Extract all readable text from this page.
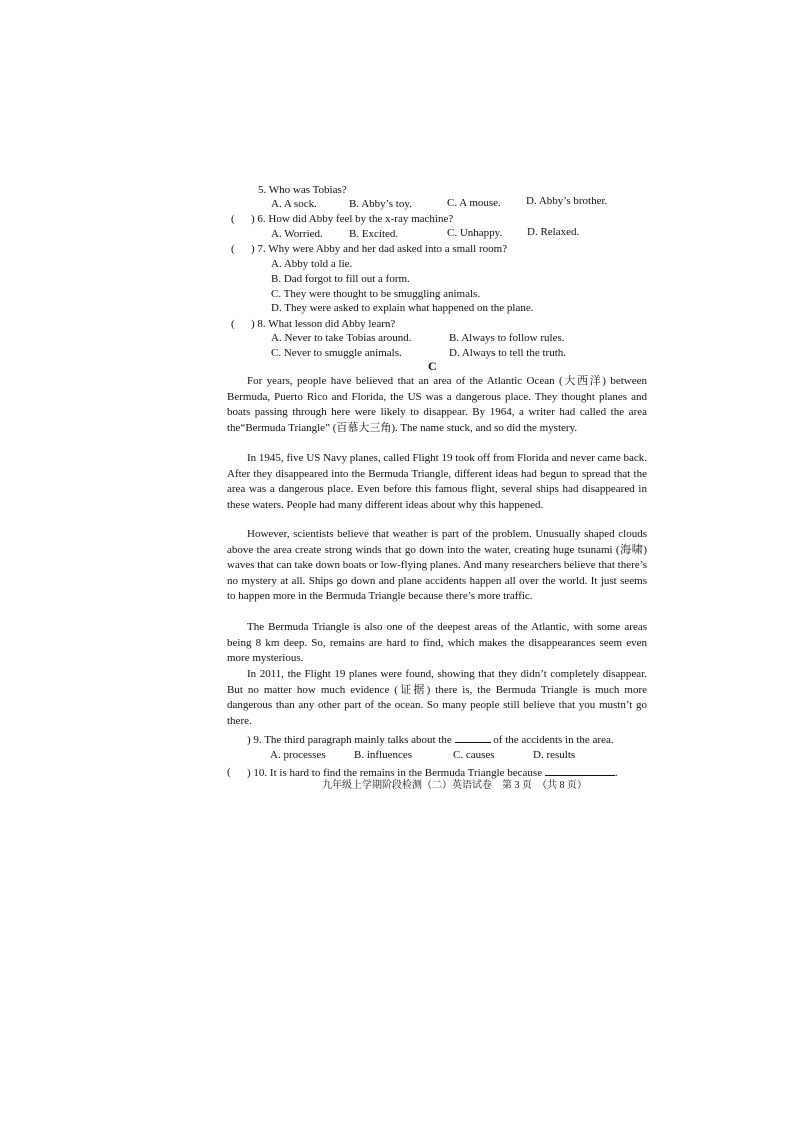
5. Who was Tobias?
A. A sock.	B. Abby’s toy.	C. A mouse. D. Abby’s brother.
( ) 6. How did Abby feel by the x-ray machine?
A. Worried. B. Excited.	C. Unhappy. D. Relaxed.
( ) 7. Why were Abby and her dad asked into a small room?
A. Abby told a lie.
B. Dad forgot to fill out a form.
C. They were thought to be smuggling animals.
D. They were asked to explain what happened on the plane.
( ) 8. What lesson did Abby learn?
A. Never to take Tobias around.	B. Always to follow rules.
C. Never to smuggle animals.	D. Always to tell the truth.
C

For years, people have believed that an area of the Atlantic Ocean (大西洋) between Bermuda, Puerto Rico and Florida, the US was a dangerous place. They thought planes and boats passing through here were likely to disappear. By 1964, a writer had called the area the“Bermuda Triangle” (百慕大三角). The name stuck, and so did the mystery.

In 1945, five US Navy planes, called Flight 19 took off from Florida and never came back. After they disappeared into the Bermuda Triangle, different ideas had begun to spread that the area was a dangerous place. Even before this famous flight, several ships had disappeared in these waters. People had many different ideas about why this happened.

However, scientists believe that weather is part of the problem. Unusually shaped clouds above the area create strong winds that go down into the water, creating huge tsunami (海啸) waves that can take down boats or low-flying planes. And many researchers believe that there’s no mystery at all. Ships go down and plane accidents happen all over the world. It just seems to happen more in the Bermuda Triangle because there’s more traffic.

The Bermuda Triangle is also one of the deepest areas of the Atlantic, with some areas being 8 km deep. So, remains are hard to find, which makes the disappearances seem even more mysterious.

In 2011, the Flight 19 planes were found, showing that they didn’t completely disappear. But no matter how much evidence (证据) there is, the Bermuda Triangle is much more dangerous than any other part of the ocean. So many people still believe that you mustn’t go there.

) 9. The third paragraph mainly talks about the	of the accidents in the area.
A. processes	B. influences	C. causes	D. results
( ) 10. It is hard to find the remains in the Bermuda Triangle because	.
九年级上学期阶段检测（二）英语试卷　第 3 页　（共 8 页）
